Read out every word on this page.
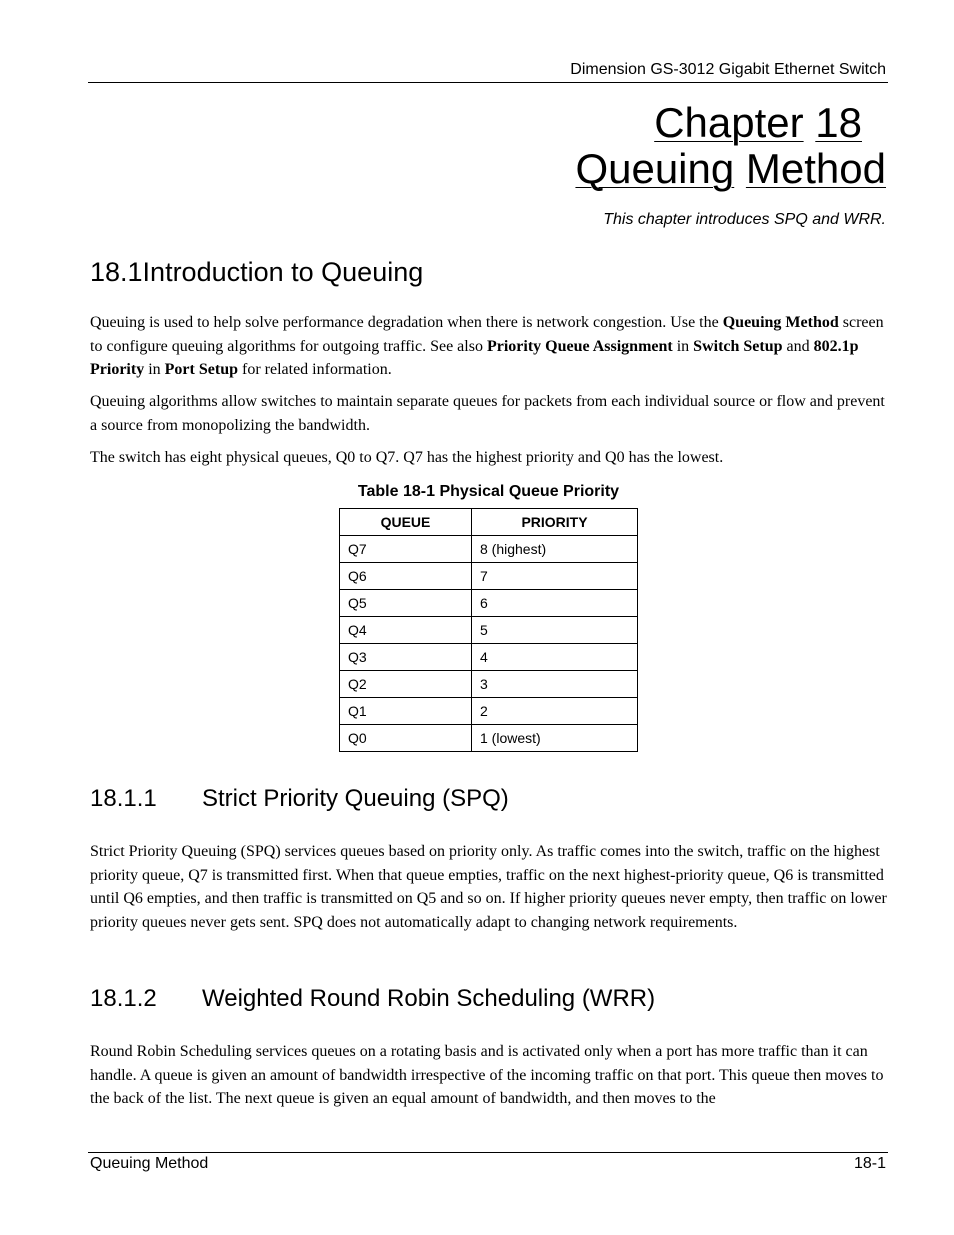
Dimension GS-3012 Gigabit Ethernet Switch
Chapter 18
Queuing Method
This chapter introduces SPQ and WRR.
18.1Introduction to Queuing

Queuing is used to help solve performance degradation when there is network congestion. Use the Queuing Method screen to configure queuing algorithms for outgoing traffic. See also Priority Queue Assignment in Switch Setup and 802.1p Priority in Port Setup for related information.

Queuing algorithms allow switches to maintain separate queues for packets from each individual source or flow and prevent a source from monopolizing the bandwidth.

The switch has eight physical queues, Q0 to Q7. Q7 has the highest priority and Q0 has the lowest.

Table 18-1 Physical Queue Priority
QUEUE	PRIORITY
Q7	8 (highest)
Q6	7
Q5	6
Q4	5
Q3	4
Q2	3
Q1	2
Q0	1 (lowest)
18.1.1 Strict Priority Queuing (SPQ)

Strict Priority Queuing (SPQ) services queues based on priority only. As traffic comes into the switch, traffic on the highest priority queue, Q7 is transmitted first. When that queue empties, traffic on the next highest-priority queue, Q6 is transmitted until Q6 empties, and then traffic is transmitted on Q5 and so on. If higher priority queues never empty, then traffic on lower priority queues never gets sent. SPQ does not automatically adapt to changing network requirements.

18.1.2 Weighted Round Robin Scheduling (WRR)

Round Robin Scheduling services queues on a rotating basis and is activated only when a port has more traffic than it can handle. A queue is given an amount of bandwidth irrespective of the incoming traffic on that port. This queue then moves to the back of the list. The next queue is given an equal amount of bandwidth, and then moves to the

Queuing Method	18-1
